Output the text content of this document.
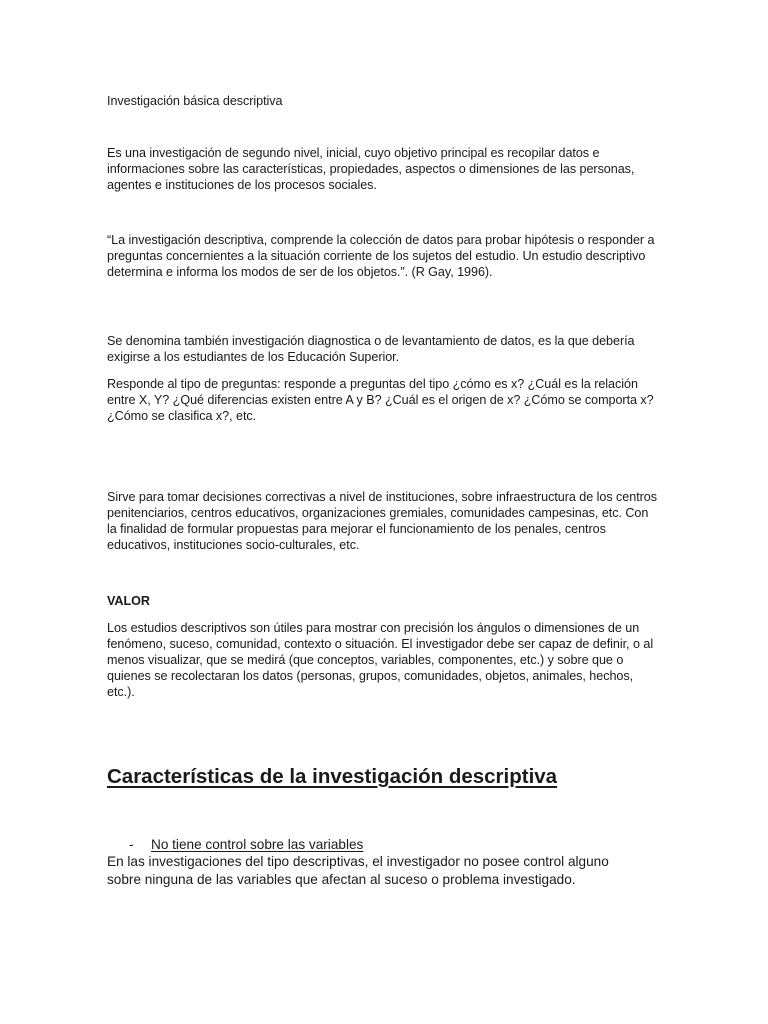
Investigación básica descriptiva

Es una investigación de segundo nivel, inicial, cuyo objetivo principal es recopilar datos e informaciones sobre las características, propiedades, aspectos o dimensiones de las personas, agentes e instituciones de los procesos sociales.

“La investigación descriptiva, comprende la colección de datos para probar hipótesis o responder a preguntas concernientes a la situación corriente de los sujetos del estudio. Un estudio descriptivo determina e informa los modos de ser de los objetos.”. (R Gay, 1996).

Se denomina también investigación diagnostica o de levantamiento de datos, es la que debería exigirse a los estudiantes de los Educación Superior.

Responde al tipo de preguntas: responde a preguntas del tipo ¿cómo es x? ¿Cuál es la relación entre X, Y? ¿Qué diferencias existen entre A y B? ¿Cuál es el origen de x? ¿Cómo se comporta x? ¿Cómo se clasifica x?, etc.

Sirve para tomar decisiones correctivas a nivel de instituciones, sobre infraestructura de los centros penitenciarios, centros educativos, organizaciones gremiales, comunidades campesinas, etc. Con la finalidad de formular propuestas para mejorar el funcionamiento de los penales, centros educativos, instituciones socio-culturales, etc.

VALOR

Los estudios descriptivos son útiles para mostrar con precisión los ángulos o dimensiones de un fenómeno, suceso, comunidad, contexto o situación. El investigador debe ser capaz de definir, o al menos visualizar, que se medirá (que conceptos, variables, componentes, etc.) y sobre que o quienes se recolectaran los datos (personas, grupos, comunidades, objetos, animales, hechos, etc.).

Características de la investigación descriptiva

- No tiene control sobre las variables

En las investigaciones del tipo descriptivas, el investigador no posee control alguno sobre ninguna de las variables que afectan al suceso o problema investigado.
